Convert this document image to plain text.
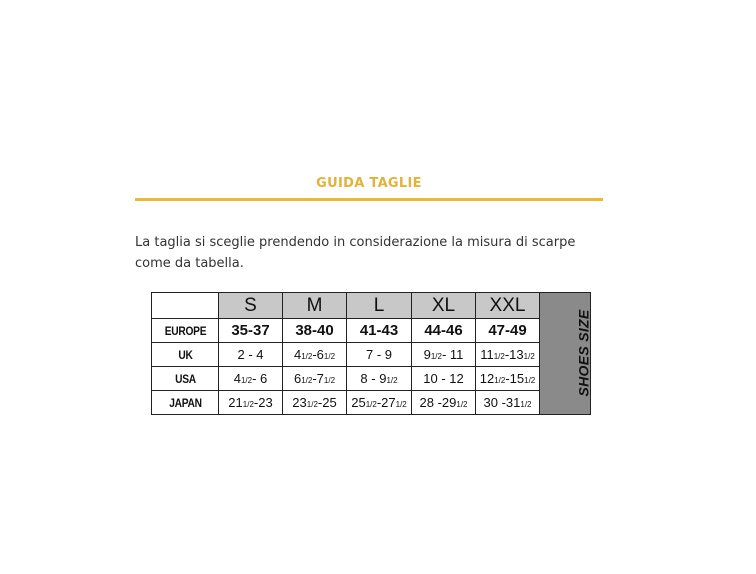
GUIDA TAGLIE

La taglia si sceglie prendendo in considerazione la misura di scarpe
come da tabella.

	S	M	L	XL	XXL	SHOES SIZE
EUROPE	35-37	38-40	41-43	44-46	47-49	
UK	2 - 4	41/2-61/2	7 - 9	91/2- 11	111/2-131/2	
USA	41/2- 6	61/2-71/2	8 - 91/2	10 - 12	121/2-151/2	
JAPAN	211/2-23	231/2-25	251/2-271/2	28 -291/2	30 -311/2	
